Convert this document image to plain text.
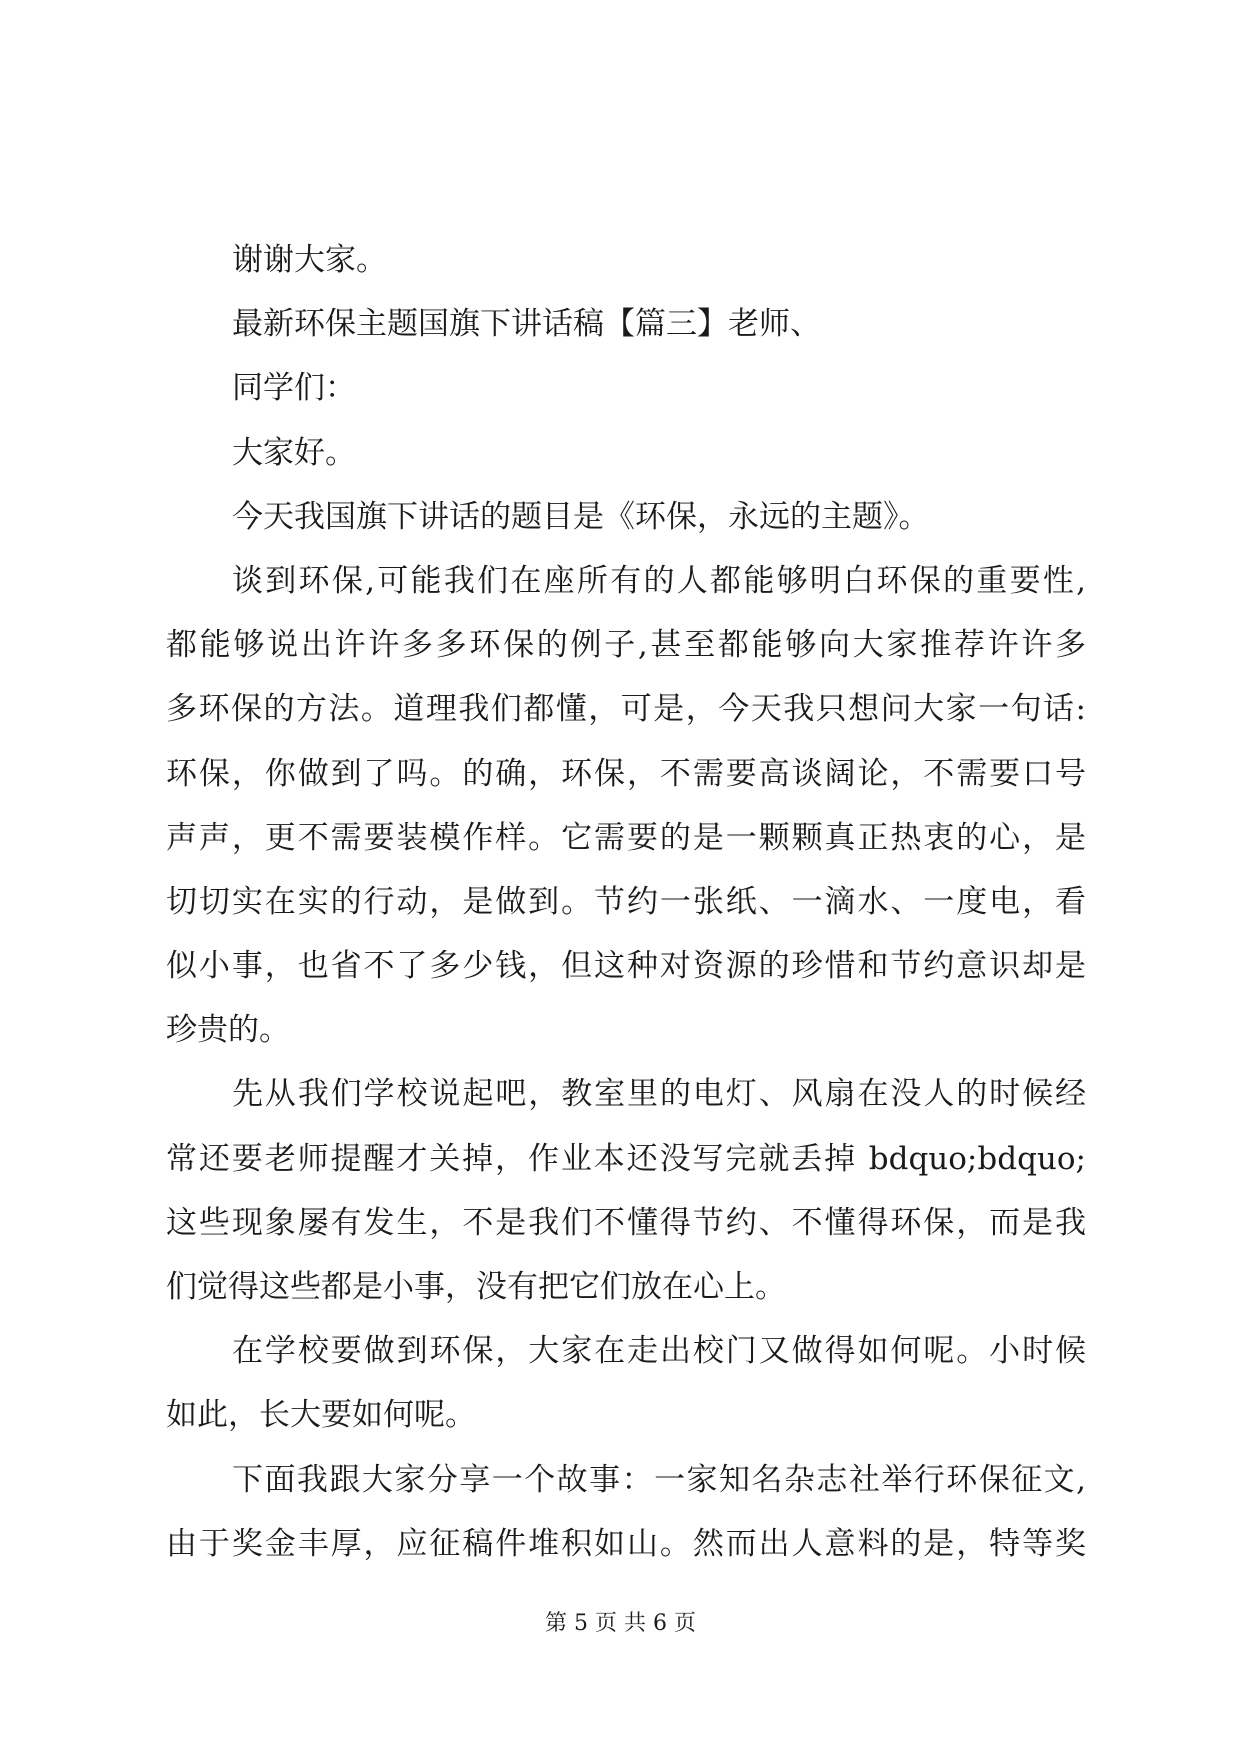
谢谢大家。
最新环保主题国旗下讲话稿【篇三】老师、
同学们：
大家好。
今天我国旗下讲话的题目是《环保，永远的主题》。
谈到环保,可能我们在座所有的人都能够明白环保的重要性,
都能够说出许许多多环保的例子,甚至都能够向大家推荐许许多
多环保的方法。道理我们都懂，可是，今天我只想问大家一句话:
环保，你做到了吗。的确，环保，不需要高谈阔论，不需要口号
声声，更不需要装模作样。它需要的是一颗颗真正热衷的心，是
切切实在实的行动，是做到。节约一张纸、一滴水、一度电，看
似小事，也省不了多少钱，但这种对资源的珍惜和节约意识却是
珍贵的。
先从我们学校说起吧，教室里的电灯、风扇在没人的时候经
常还要老师提醒才关掉，作业本还没写完就丢掉 bdquo;bdquo;
这些现象屡有发生，不是我们不懂得节约、不懂得环保，而是我
们觉得这些都是小事，没有把它们放在心上。
在学校要做到环保，大家在走出校门又做得如何呢。小时候
如此，长大要如何呢。
下面我跟大家分享一个故事：一家知名杂志社举行环保征文,
由于奖金丰厚，应征稿件堆积如山。然而出人意料的是，特等奖
第 5 页 共 6 页
